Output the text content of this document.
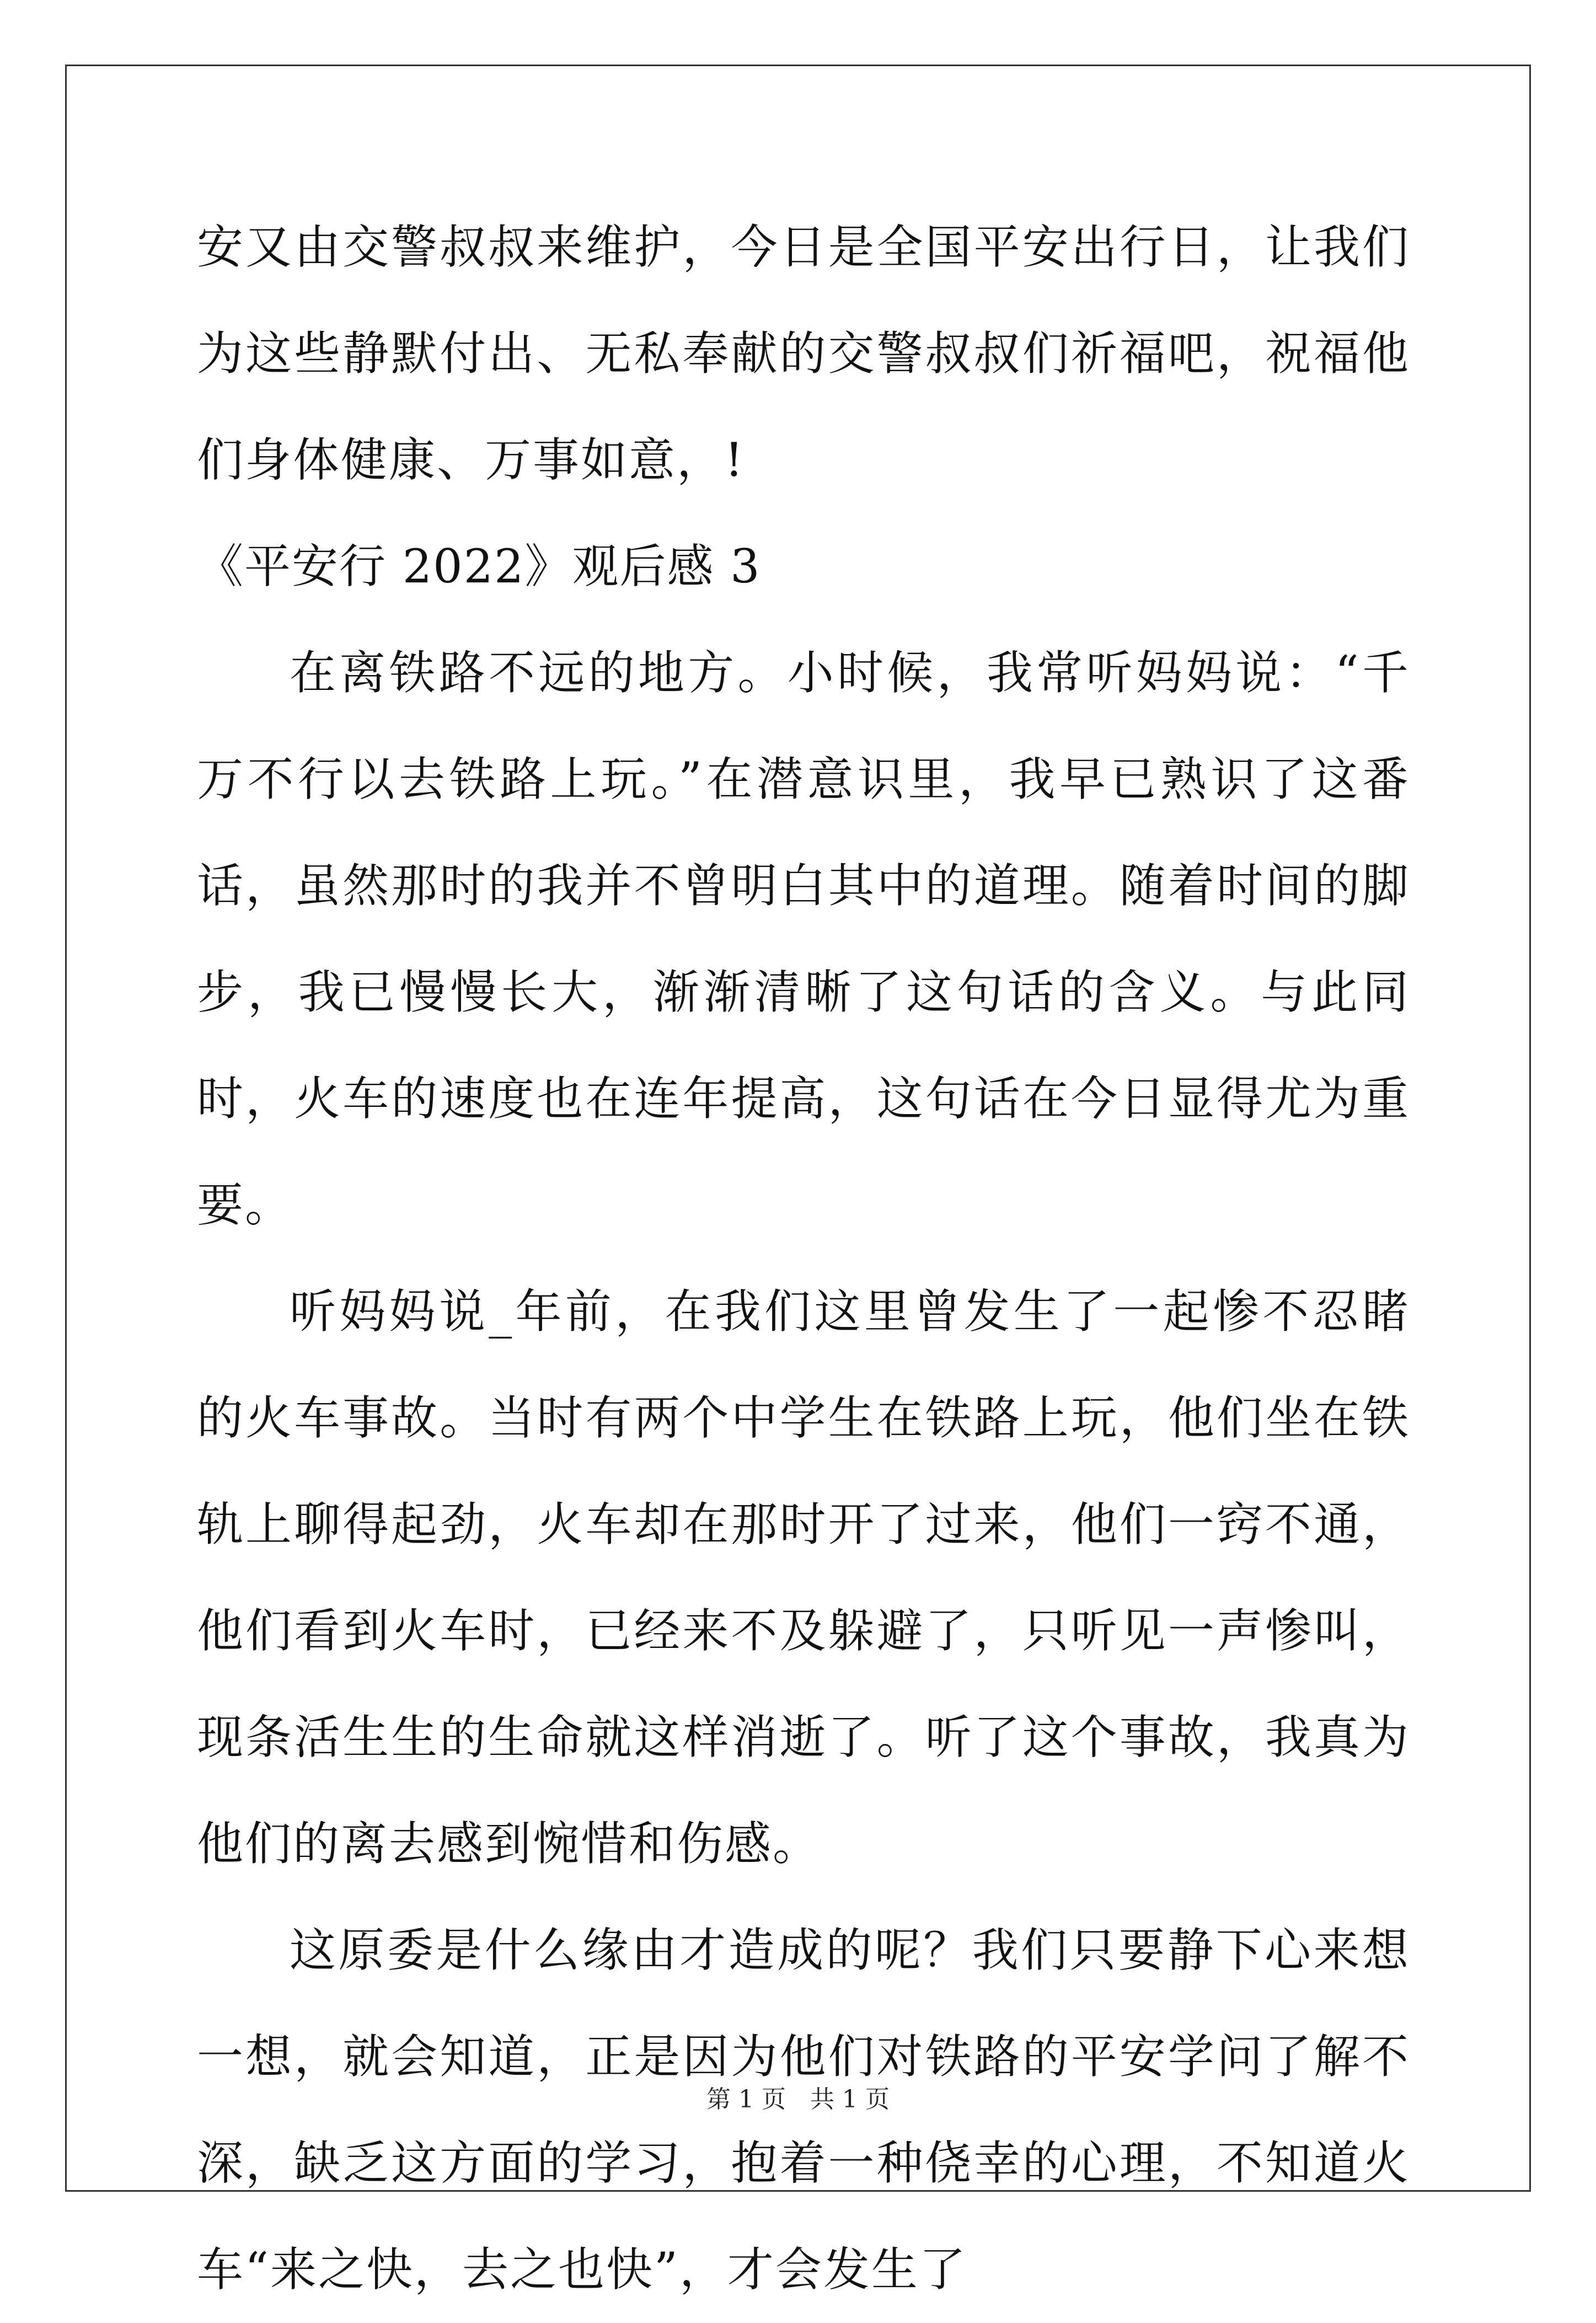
安又由交警叔叔来维护，今日是全国平安出行日，让我们为这些静默付出、无私奉献的交警叔叔们祈福吧，祝福他们身体健康、万事如意，!

《平安行 2022》观后感 3

在离铁路不远的地方。小时候，我常听妈妈说：“千万不行以去铁路上玩。”在潜意识里，我早已熟识了这番话，虽然那时的我并不曾明白其中的道理。随着时间的脚步，我已慢慢长大，渐渐清晰了这句话的含义。与此同时，火车的速度也在连年提高，这句话在今日显得尤为重要。

听妈妈说_年前，在我们这里曾发生了一起惨不忍睹的火车事故。当时有两个中学生在铁路上玩，他们坐在铁轨上聊得起劲，火车却在那时开了过来，他们一窍不通，他们看到火车时，已经来不及躲避了，只听见一声惨叫，现条活生生的生命就这样消逝了。听了这个事故，我真为他们的离去感到惋惜和伤感。

这原委是什么缘由才造成的呢？我们只要静下心来想一想，就会知道，正是因为他们对铁路的平安学问了解不深，缺乏这方面的学习，抱着一种侥幸的心理，不知道火车“来之快，去之也快”，才会发生了

第 1 页　共 1 页
